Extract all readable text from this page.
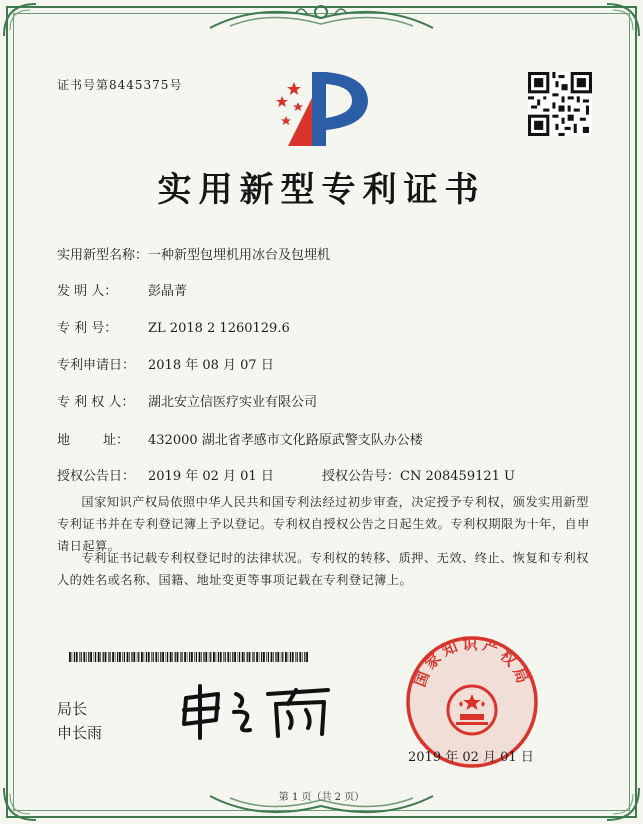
证书号第8445375号
实用新型专利证书
实用新型名称：一种新型包埋机用冰台及包埋机
发 明 人： 彭晶菁
专 利 号： ZL 2018 2 1260129.6
专利申请日： 2018 年 08 月 07 日
专 利 权 人： 湖北安立信医疗实业有限公司
地        址： 432000 湖北省孝感市文化路原武警支队办公楼
授权公告日： 2019 年 02 月 01 日	授权公告号：CN 208459121 U
国家知识产权局依照中华人民共和国专利法经过初步审查，决定授予专利权，颁发实用新型专利证书并在专利登记簿上予以登记。专利权自授权公告之日起生效。专利权期限为十年，自申请日起算。
专利证书记载专利权登记时的法律状况。专利权的转移、质押、无效、终止、恢复和专利权人的姓名或名称、国籍、地址变更等事项记载在专利登记簿上。
局长
申长雨
国家知识产权局
2019 年 02 月 01 日
第 1 页（共 2 页）
